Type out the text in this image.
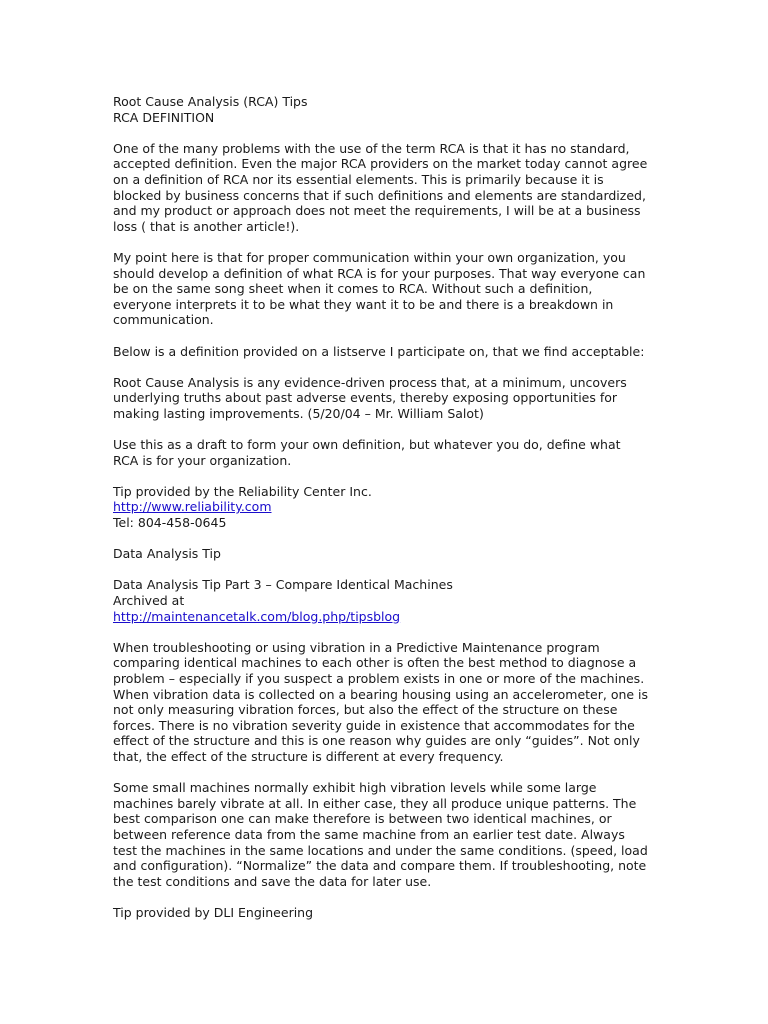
Root Cause Analysis (RCA) Tips
RCA DEFINITION
One of the many problems with the use of the term RCA is that it has no standard,
accepted definition. Even the major RCA providers on the market today cannot agree
on a definition of RCA nor its essential elements. This is primarily because it is
blocked by business concerns that if such definitions and elements are standardized,
and my product or approach does not meet the requirements, I will be at a business
loss ( that is another article!).
My point here is that for proper communication within your own organization, you
should develop a definition of what RCA is for your purposes. That way everyone can
be on the same song sheet when it comes to RCA. Without such a definition,
everyone interprets it to be what they want it to be and there is a breakdown in
communication.
Below is a definition provided on a listserve I participate on, that we find acceptable:
Root Cause Analysis is any evidence-driven process that, at a minimum, uncovers
underlying truths about past adverse events, thereby exposing opportunities for
making lasting improvements. (5/20/04 – Mr. William Salot)
Use this as a draft to form your own definition, but whatever you do, define what
RCA is for your organization.
Tip provided by the Reliability Center Inc.
http://www.reliability.com
Tel: 804-458-0645
Data Analysis Tip
Data Analysis Tip Part 3 – Compare Identical Machines
Archived at
http://maintenancetalk.com/blog.php/tipsblog
When troubleshooting or using vibration in a Predictive Maintenance program
comparing identical machines to each other is often the best method to diagnose a
problem – especially if you suspect a problem exists in one or more of the machines.
When vibration data is collected on a bearing housing using an accelerometer, one is
not only measuring vibration forces, but also the effect of the structure on these
forces. There is no vibration severity guide in existence that accommodates for the
effect of the structure and this is one reason why guides are only “guides”. Not only
that, the effect of the structure is different at every frequency.
Some small machines normally exhibit high vibration levels while some large
machines barely vibrate at all. In either case, they all produce unique patterns. The
best comparison one can make therefore is between two identical machines, or
between reference data from the same machine from an earlier test date. Always
test the machines in the same locations and under the same conditions. (speed, load
and configuration). “Normalize” the data and compare them. If troubleshooting, note
the test conditions and save the data for later use.
Tip provided by DLI Engineering
